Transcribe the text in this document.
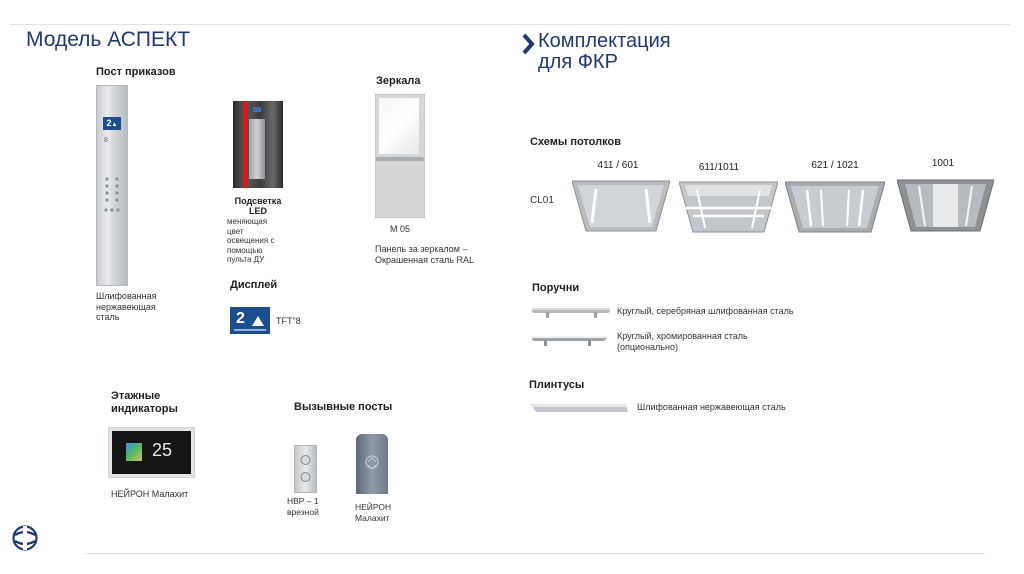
Модель АСПЕКТ	Комплектация
для ФКР
Пост приказов
2▲
8
Шлифованная
нержавеющая
сталь
Подсветка
LED
меняющая
цвет
освещения с
помощью
пульта ДУ
Дисплей
2	TFT"8
Зеркала
М 05
Панель за зеркалом –
Окрашенная сталь RAL
Схемы потолков
411 / 601	611/1011	621 / 1021	1001
CL01
Поручни
Круглый, серебряная шлифованная сталь
Круглый, хромированная сталь
(опционально)
Плинтусы
Шлифованная нержавеющая сталь
Этажные
индикаторы
25
НЕЙРОН Малахит
Вызывные посты
НВР – 1
врезной	НЕЙРОН
Малахит
